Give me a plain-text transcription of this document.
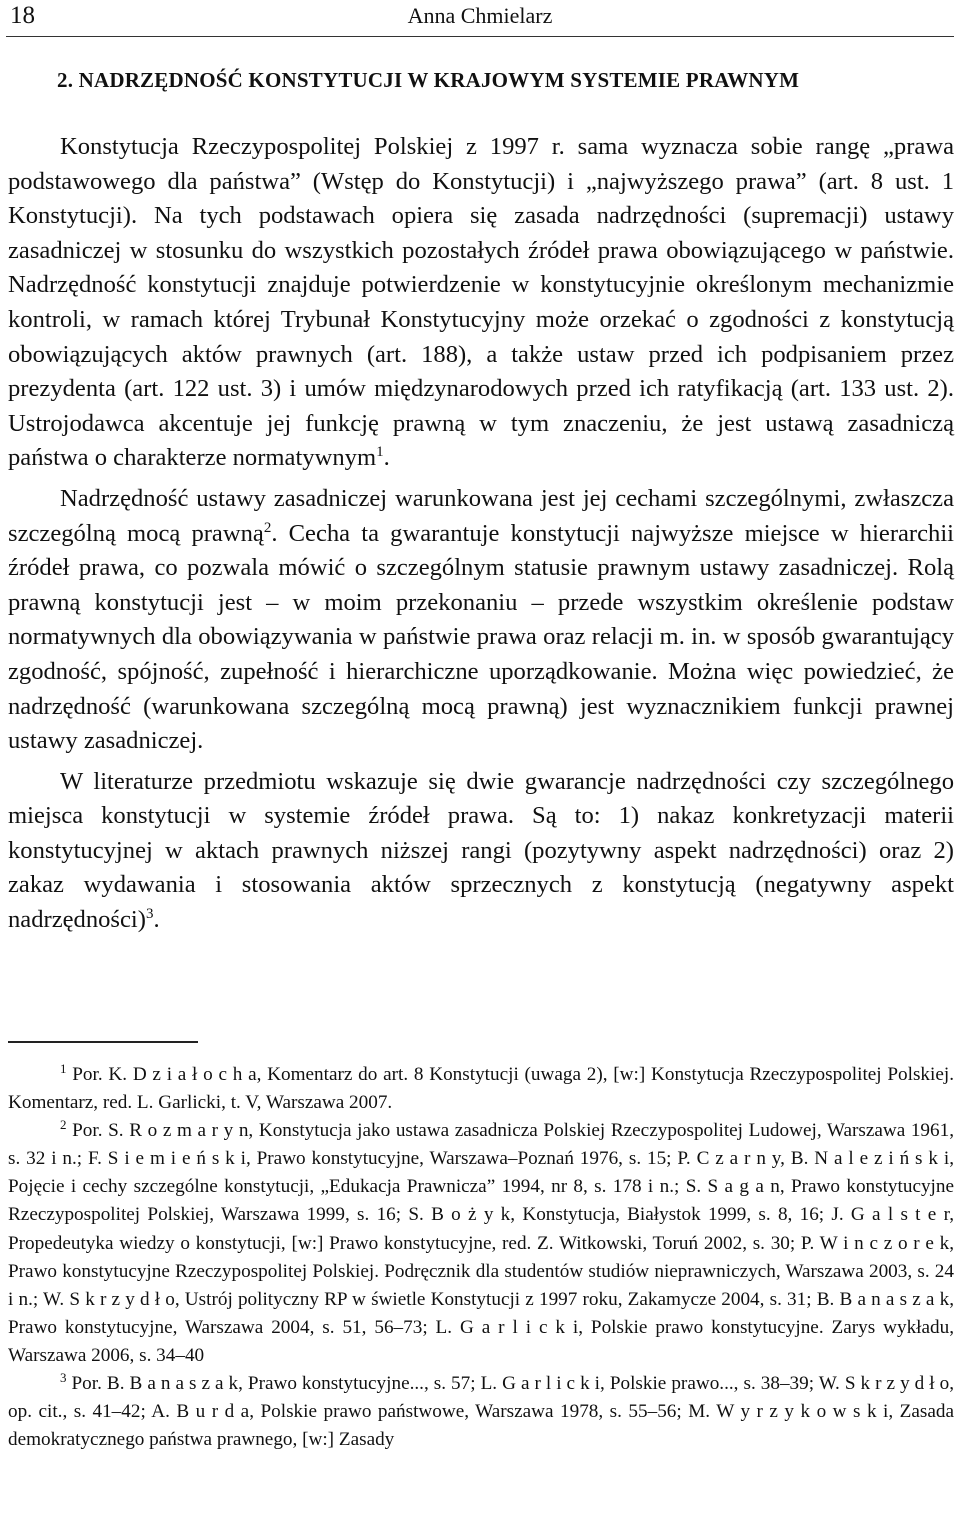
18	Anna Chmielarz
2. NADRZĘDNOŚĆ KONSTYTUCJI W KRAJOWYM SYSTEMIE PRAWNYM

Konstytucja Rzeczypospolitej Polskiej z 1997 r. sama wyznacza sobie rangę „prawa podstawowego dla państwa” (Wstęp do Konstytucji) i „najwyższego prawa” (art. 8 ust. 1 Konstytucji). Na tych podstawach opiera się zasada nadrzędności (supremacji) ustawy zasadniczej w stosunku do wszystkich pozostałych źródeł prawa obowiązującego w państwie. Nadrzędność konstytucji znajduje potwierdzenie w konstytucyjnie określonym mechanizmie kontroli, w ramach której Trybunał Konstytucyjny może orzekać o zgodności z konstytucją obowiązujących aktów prawnych (art. 188), a także ustaw przed ich podpisaniem przez prezydenta (art. 122 ust. 3) i umów międzynarodowych przed ich ratyfikacją (art. 133 ust. 2). Ustrojodawca akcentuje jej funkcję prawną w tym znaczeniu, że jest ustawą zasadniczą państwa o charakterze normatywnym$^1$.

Nadrzędność ustawy zasadniczej warunkowana jest jej cechami szczególnymi, zwłaszcza szczególną mocą prawną$^2$. Cecha ta gwarantuje konstytucji najwyższe miejsce w hierarchii źródeł prawa, co pozwala mówić o szczególnym statusie prawnym ustawy zasadniczej. Rolą prawną konstytucji jest – w moim przekonaniu – przede wszystkim określenie podstaw normatywnych dla obowiązywania w państwie prawa oraz relacji m. in. w sposób gwarantujący zgodność, spójność, zupełność i hierarchiczne uporządkowanie. Można więc powiedzieć, że nadrzędność (warunkowana szczególną mocą prawną) jest wyznacznikiem funkcji prawnej ustawy zasadniczej.

W literaturze przedmiotu wskazuje się dwie gwarancje nadrzędności czy szczególnego miejsca konstytucji w systemie źródeł prawa. Są to: 1) nakaz konkretyzacji materii konstytucyjnej w aktach prawnych niższej rangi (pozytywny aspekt nadrzędności) oraz 2) zakaz wydawania i stosowania aktów sprzecznych z konstytucją (negatywny aspekt nadrzędności)$^3$.

$^1$ Por. K. D z i a ł o c h a, Komentarz do art. 8 Konstytucji (uwaga 2), [w:] Konstytucja Rzeczypospolitej Polskiej. Komentarz, red. L. Garlicki, t. V, Warszawa 2007.

$^2$ Por. S. R o z m a r y n, Konstytucja jako ustawa zasadnicza Polskiej Rzeczypospolitej Ludowej, Warszawa 1961, s. 32 i n.; F. S i e m i e ń s k i, Prawo konstytucyjne, Warszawa–Poznań 1976, s. 15; P. C z a r n y, B. N a l e z i ń s k i, Pojęcie i cechy szczególne konstytucji, „Edukacja Prawnicza” 1994, nr 8, s. 178 i n.; S. S a g a n, Prawo konstytucyjne Rzeczypospolitej Polskiej, Warszawa 1999, s. 16; S. B o ż y k, Konstytucja, Białystok 1999, s. 8, 16; J. G a l s t e r, Propedeutyka wiedzy o konstytucji, [w:] Prawo konstytucyjne, red. Z. Witkowski, Toruń 2002, s. 30; P. W i n c z o r e k, Prawo konstytucyjne Rzeczypospolitej Polskiej. Podręcznik dla studentów studiów nieprawniczych, Warszawa 2003, s. 24 i n.; W. S k r z y d ł o, Ustrój polityczny RP w świetle Konstytucji z 1997 roku, Zakamycze 2004, s. 31; B. B a n a s z a k, Prawo konstytucyjne, Warszawa 2004, s. 51, 56–73; L. G a r l i c k i, Polskie prawo konstytucyjne. Zarys wykładu, Warszawa 2006, s. 34–40

$^3$ Por. B. B a n a s z a k, Prawo konstytucyjne..., s. 57; L. G a r l i c k i, Polskie prawo..., s. 38–39; W. S k r z y d ł o, op. cit., s. 41–42; A. B u r d a, Polskie prawo państwowe, Warszawa 1978, s. 55–56; M. W y r z y k o w s k i, Zasada demokratycznego państwa prawnego, [w:] Zasady
